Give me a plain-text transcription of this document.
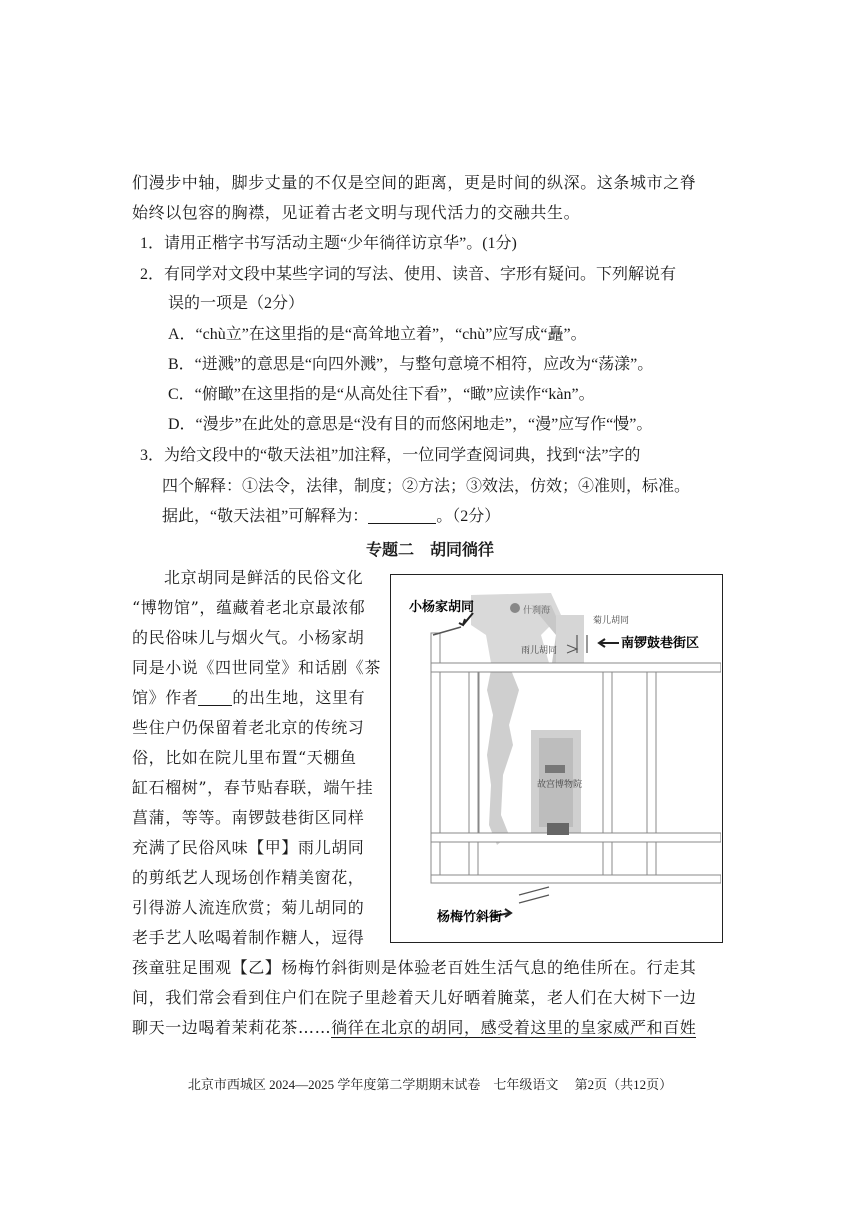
们漫步中轴，脚步丈量的不仅是空间的距离，更是时间的纵深。这条城市之脊
始终以包容的胸襟，见证着古老文明与现代活力的交融共生。
1．请用正楷字书写活动主题“少年徜徉访京华”。(1分)
2．有同学对文段中某些字词的写法、使用、读音、字形有疑问。下列解说有
误的一项是（2分）
A．“chù立”在这里指的是“高耸地立着”，“chù”应写成“矗”。
B．“迸溅”的意思是“向四外溅”，与整句意境不相符，应改为“荡漾”。
C．“俯瞰”在这里指的是“从高处往下看”，“瞰”应读作“kàn”。
D．“漫步”在此处的意思是“没有目的而悠闲地走”，“漫”应写作“慢”。
3．为给文段中的“敬天法祖”加注释，一位同学查阅词典，找到“法”字的
四个解释：①法令，法律，制度；②方法；③效法，仿效；④准则，标准。
据此，“敬天法祖”可解释为：	。（2分）
专题二　胡同徜徉
北京胡同是鲜活的民俗文化
“博物馆”，蕴藏着老北京最浓郁
的民俗味儿与烟火气。小杨家胡
同是小说《四世同堂》和话剧《茶
馆》作者 的出生地，这里有
些住户仍保留着老北京的传统习
俗，比如在院儿里布置“天棚鱼
缸石榴树”，春节贴春联，端午挂
菖蒲，等等。南锣鼓巷街区同样
充满了民俗风味【甲】雨儿胡同
的剪纸艺人现场创作精美窗花，
引得游人流连欣赏；菊儿胡同的
老手艺人吆喝着制作糖人，逗得
孩童驻足围观【乙】杨梅竹斜街则是体验老百姓生活气息的绝佳所在。行走其
间，我们常会看到住户们在院子里趁着天儿好晒着腌菜，老人们在大树下一边
聊天一边喝着茉莉花茶……徜徉在北京的胡同，感受着这里的皇家威严和百姓
小杨家胡同	什刹海
菊儿胡同
雨儿胡同	南锣鼓巷街区
故宫博物院
杨梅竹斜街
北京市西城区 2024—2025 学年度第二学期期末试卷　七年级语文　 第2页（共12页）
